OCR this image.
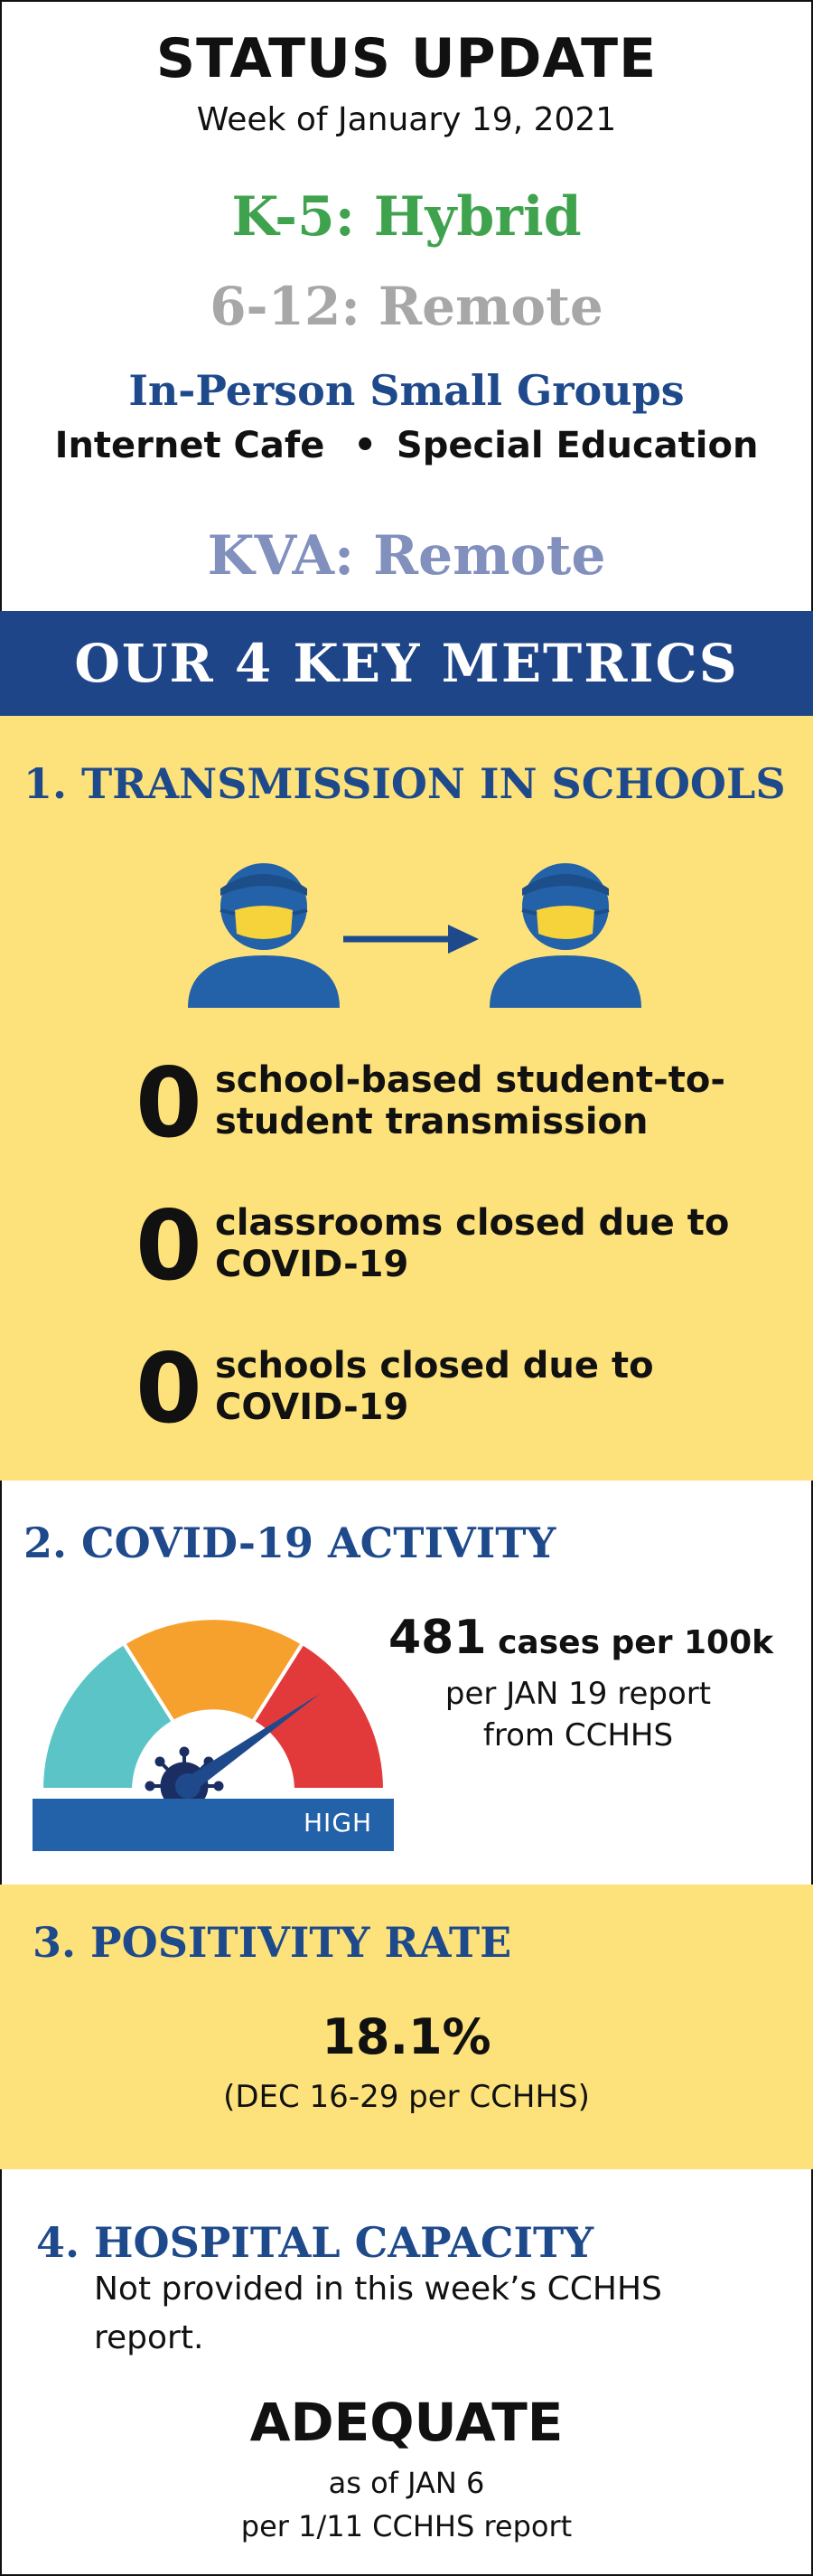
STATUS UPDATE
Week of January 19, 2021
K-5: Hybrid
6-12: Remote
In-Person Small Groups
Internet Cafe • Special Education
KVA: Remote
OUR 4 KEY METRICS
1. TRANSMISSION IN SCHOOLS
0 school-based student-to-student transmission
0 classrooms closed due to COVID-19
0 schools closed due to COVID-19
2. COVID-19 ACTIVITY
HIGH
481 cases per 100k
per JAN 19 report
from CCHHS
3. POSITIVITY RATE
18.1%
(DEC 16-29 per CCHHS)
4. HOSPITAL CAPACITY
Not provided in this week’s CCHHS
report.
ADEQUATE
as of JAN 6
per 1/11 CCHHS report
